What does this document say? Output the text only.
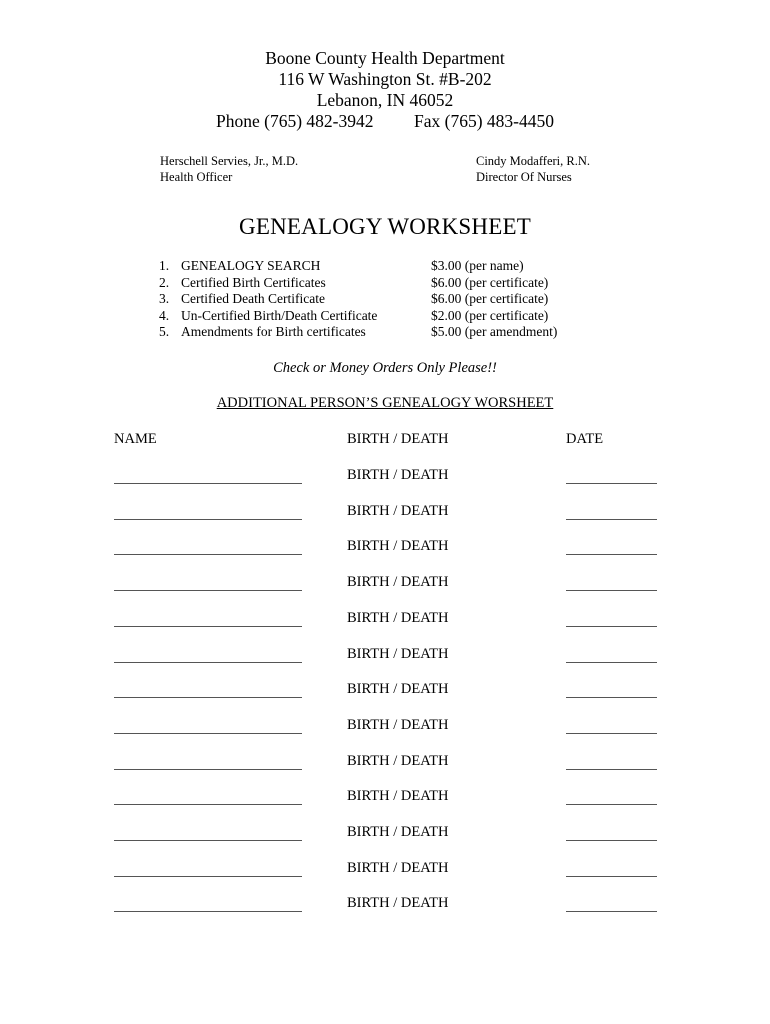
Boone County Health Department
116 W Washington St. #B-202
Lebanon, IN 46052
Phone (765) 482-3942 Fax (765) 483-4450
Herschell Servies, Jr., M.D.
Health Officer
Cindy Modafferi, R.N.
Director Of Nurses
GENEALOGY WORKSHEET
1. GENEALOGY SEARCH	$3.00 (per name)
2. Certified Birth Certificates	$6.00 (per certificate)
3. Certified Death Certificate	$6.00 (per certificate)
4. Un-Certified Birth/Death Certificate	$2.00 (per certificate)
5. Amendments for Birth certificates	$5.00 (per amendment)
Check or Money Orders Only Please!!
ADDITIONAL PERSON’S GENEALOGY WORSHEET
NAME	BIRTH / DEATH	DATE
BIRTH / DEATH
BIRTH / DEATH
BIRTH / DEATH
BIRTH / DEATH
BIRTH / DEATH
BIRTH / DEATH
BIRTH / DEATH
BIRTH / DEATH
BIRTH / DEATH
BIRTH / DEATH
BIRTH / DEATH
BIRTH / DEATH
BIRTH / DEATH
